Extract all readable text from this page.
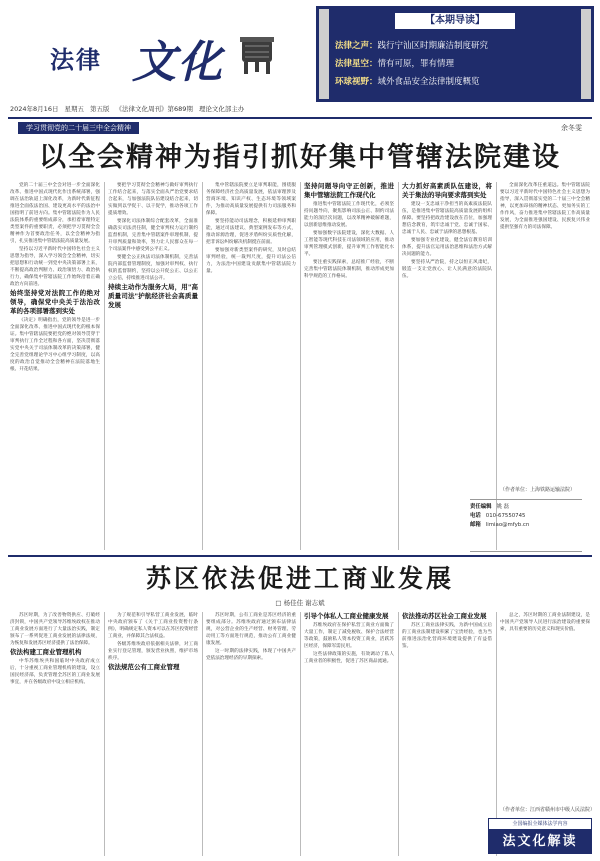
法律 文化
2024年8月16日 星期五 第五版 《法律文化周刊》第689期 理论文化部主办
【本期导读】
法律之声：践行宁汕区时期廉洁制度研究
法律星空：情有可原，罪有情理
环球视野：域外食品安全法律制度概览
学习贯彻党的二十届三中全会精神	余冬雯
以全会精神为指引抓好集中管辖法院建设

党的二十届三中全会对进一步全面深化改革、推进中国式现代化作出系统部署，强调在法治轨道上深化改革，为新时代新征程推进全面依法治国、建设更高水平的法治中国指明了前进方向。集中管辖法院作为人民法院体系的重要组成部分，承担着审理特定类型案件的重要职责，必须把学习贯彻全会精神作为首要政治任务，以全会精神为指引，扎实推进集中管辖法院高质量发展。

坚持以习近平新时代中国特色社会主义思想为指导，深入学习领会全会精神，切实把思想和行动统一到党中央决策部署上来，不断提高政治判断力、政治领悟力、政治执行力，确保集中管辖法院工作始终沿着正确政治方向前进。

始终坚持党对法院工作的绝对领导，确保党中央关于法治改革的各项部署落到实处

《决定》明确指出，党的领导是进一步全面深化改革、推进中国式现代化的根本保证。集中管辖法院要把党的绝对领导贯穿于审判执行工作全过程和各方面，坚决贯彻落实党中央关于司法体制改革的决策部署，健全完善党组理论学习中心组学习制度，以高度的政治自觉推动全会精神在法院落地生根、开花结果。

要把学习贯彻全会精神与做好审判执行工作结合起来，与落实全面从严治党要求结合起来，与加强法院队伍建设结合起来，切实做到以学促干、以干促学，推动各项工作提质增效。

要深化司法体制综合配套改革，全面准确落实司法责任制，健全审判权力运行制约监督机制，完善集中管辖案件审理机制，提升审判质量和效率，努力让人民群众在每一个司法案件中感受到公平正义。

要健全公正执法司法体制机制，完善法院内部监督管理制度，加强对审判权、执行权的监督制约，坚持以公开促公正、以公正立公信，持续推进司法公开。

持续主动作为服务大局，用"高质量司法"护航经济社会高质量发展

集中管辖法院要立足审判职能，围绕服务保障经济社会高质量发展，依法审理涉及营商环境、知识产权、生态环境等领域案件，为推动高质量发展提供有力司法服务和保障。

要坚持能动司法理念，积极延伸审判职能，通过司法建议、典型案例发布等方式，推动诉源治理，促进矛盾纠纷实质性化解，把非诉讼纠纷解决机制挺在前面。

要加强对新类型案件的研究，及时总结审判经验，统一裁判尺度，提升司法公信力，为法治中国建设贡献集中管辖法院力量。

坚持问题导向守正创新，推进集中管辖法院工作现代化

推进集中管辖法院工作现代化，必须坚持问题导向，聚焦影响司法公正、制约司法能力的深层次问题，以改革精神破解难题，以创新思维推动发展。

要加强数字法院建设，深化大数据、人工智能等现代科技在司法领域的应用，推动审判管理模式创新，提升审判工作智能化水平。

要注重实践探索，总结推广经验，不断完善集中管辖法院体制机制，推动形成更加科学规范的工作格局。

大力抓好高素质队伍建设，将关于集法的导向要求落到实处

建设一支忠诚干净担当的高素质法院队伍，是推进集中管辖法院高质量发展的组织保障。要坚持把政治建设放在首位，加强理想信念教育，筑牢忠诚于党、忠诚于国家、忠诚于人民、忠诚于法律的思想根基。

要加强专业化建设，健全法官教育培训体系，提升法官运用法治思维和法治方式解决问题的能力。

要坚持从严治院，持之以恒正风肃纪，锻造一支让党放心、让人民满意的法院队伍。

全面深化改革任重道远。集中管辖法院要以习近平新时代中国特色社会主义思想为指导，深入贯彻落实党的二十届三中全会精神，以更加昂扬的精神状态、更加务实的工作作风，奋力推进集中管辖法院工作高质量发展，为全面推进强国建设、民族复兴伟业提供坚强有力的司法保障。

（作者单位：上海铁路运输法院）
责任编辑 姚 磊
电话 010-67550745
邮箱 limiao@mfyb.cn
苏区依法促进工商业发展
□ 杨佳佳 谢志斌

苏区时期，为了改善物资供应、打破经济封锁，中国共产党领导苏维埃政权在推动工商业发展方面进行了大量法治实践，制定颁布了一系列促进工商业发展的法律法规，为恢复和发展苏区经济提供了法治保障。

依法构建工商业管理机构

中华苏维埃共和国临时中央政府成立后，十分重视工商业管理机构的建设，设立国民经济部，负责管理全苏区的工商业发展事宜，并在各级政府中设立相应机构。

为了规范和引导私营工商业发展，临时中央政府颁布了《关于工商业投资暂行条例》，明确规定私人资本可以在苏区投资经营工商业，并保障其合法权益。

各级苏维埃政府依据相关法律，对工商业实行登记管理，颁发营业执照，维护市场秩序。

依法规范公有工商业管理

苏区时期，公有工商业是苏区经济的重要组成部分。苏维埃政府通过颁布法律法规，对公营企业的生产经营、财务管理、劳动用工等方面进行规范，推动公有工商业健康发展。

这一时期的法律实践，体现了中国共产党依法治理经济的早期探索。

引导个体私人工商业健康发展

苏维埃政府在保护私营工商业方面做了大量工作，制定了减免税收、保护合法经营等政策，鼓励私人资本投资工商业，活跃苏区经济，保障军需民用。

这些法律政策的实施，有效调动了私人工商业者的积极性，促进了苏区商品流通。

依法推动苏区社会工商业发展

苏区工商业法律实践，为新中国成立后的工商业法制建设积累了宝贵经验，也为当前推进法治化营商环境建设提供了有益借鉴。

总之，苏区时期的工商业法制建设，是中国共产党领导人民进行法治建设的重要探索，具有重要的历史意义和现实价值。

（作者单位：江西省赣州市中级人民法院）
全国编报全媒体法学内容
法文化解读
